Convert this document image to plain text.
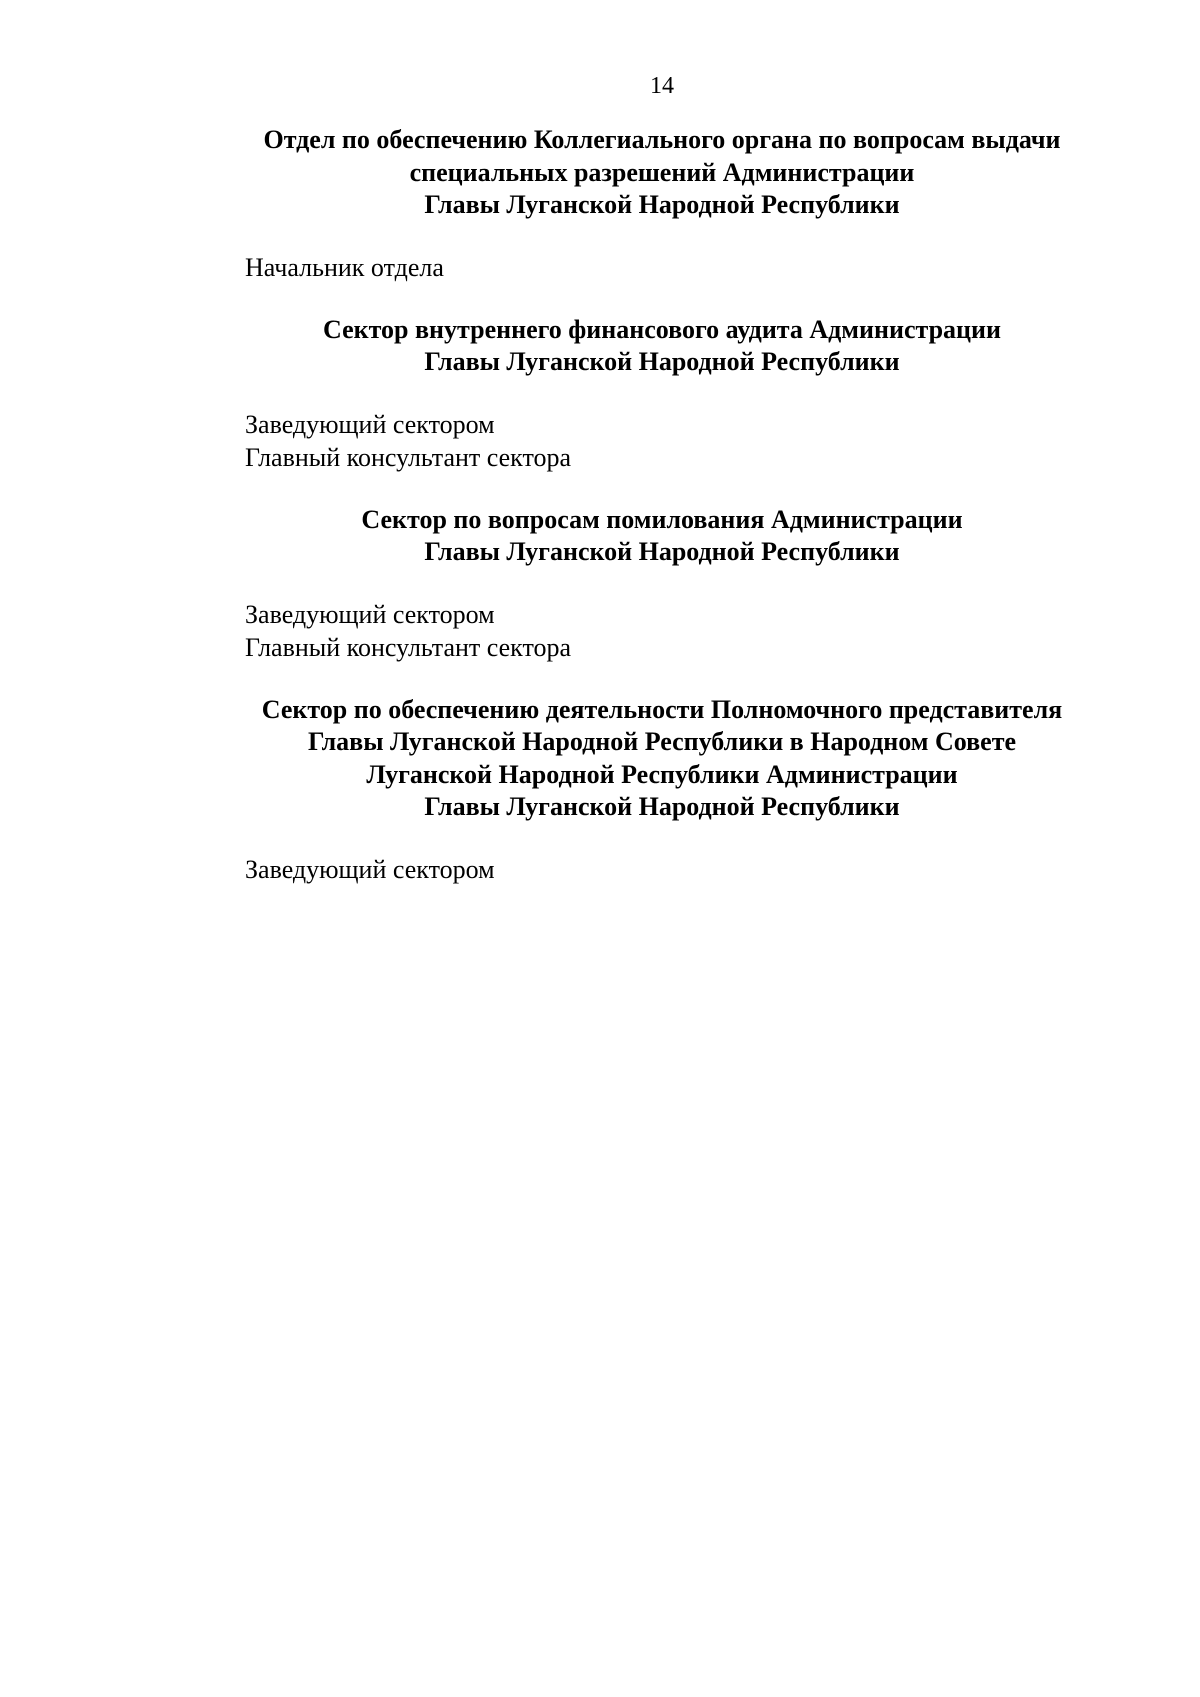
14
Отдел по обеспечению Коллегиального органа по вопросам выдачи
специальных разрешений Администрации
Главы Луганской Народной Республики
Начальник отдела
Сектор внутреннего финансового аудита Администрации
Главы Луганской Народной Республики
Заведующий сектором
Главный консультант сектора
Сектор по вопросам помилования Администрации
Главы Луганской Народной Республики
Заведующий сектором
Главный консультант сектора
Сектор по обеспечению деятельности Полномочного представителя
Главы Луганской Народной Республики в Народном Совете
Луганской Народной Республики Администрации
Главы Луганской Народной Республики
Заведующий сектором
